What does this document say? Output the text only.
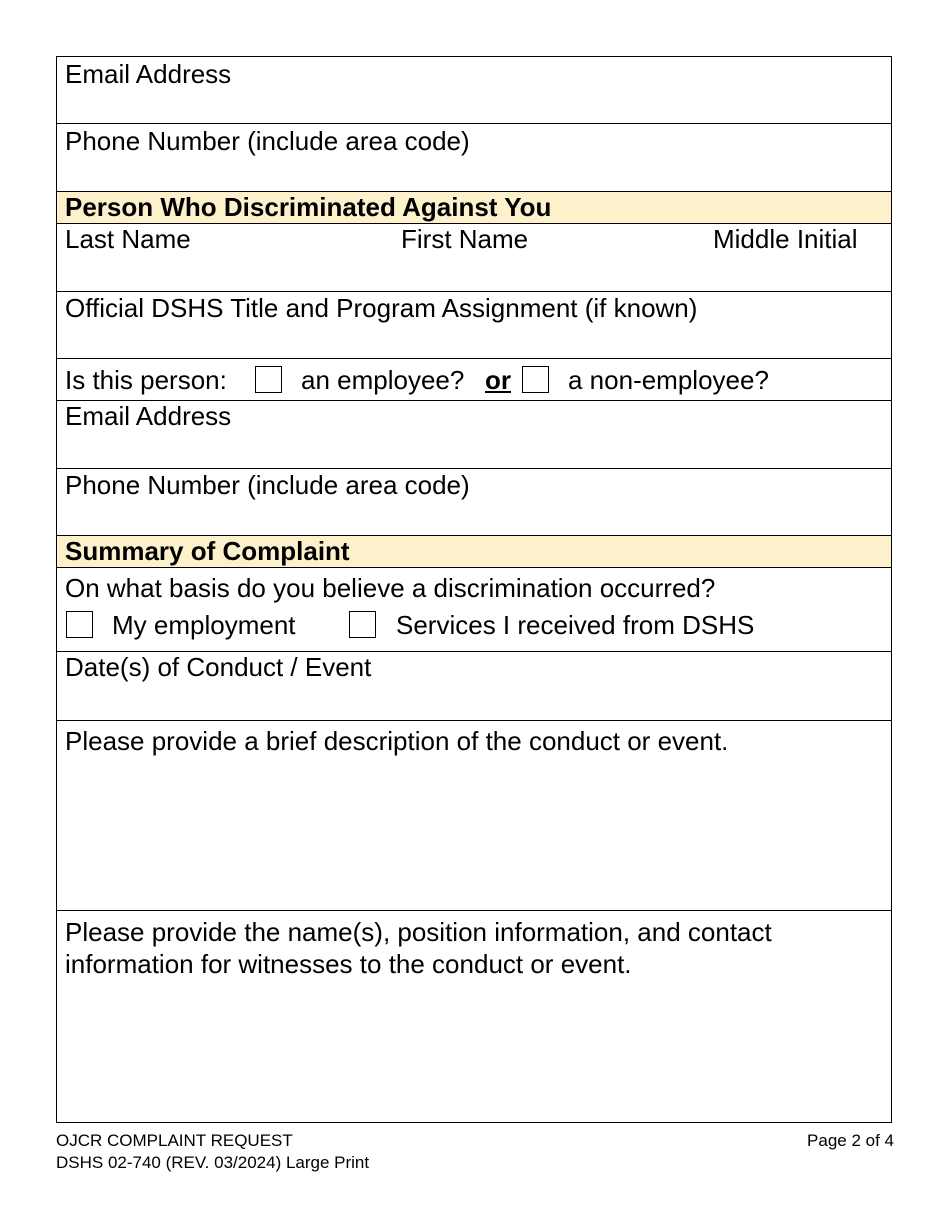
Email Address
Phone Number (include area code)
Person Who Discriminated Against You
Last Name	First Name	Middle Initial
Official DSHS Title and Program Assignment (if known)
Is this person:	an employee? or	a non-employee?
Email Address
Phone Number (include area code)
Summary of Complaint
On what basis do you believe a discrimination occurred?
My employment	Services I received from DSHS
Date(s) of Conduct / Event
Please provide a brief description of the conduct or event.
Please provide the name(s), position information, and contact
information for witnesses to the conduct or event.
OJCR COMPLAINT REQUEST
DSHS 02-740 (REV. 03/2024) Large Print
Page 2 of 4
